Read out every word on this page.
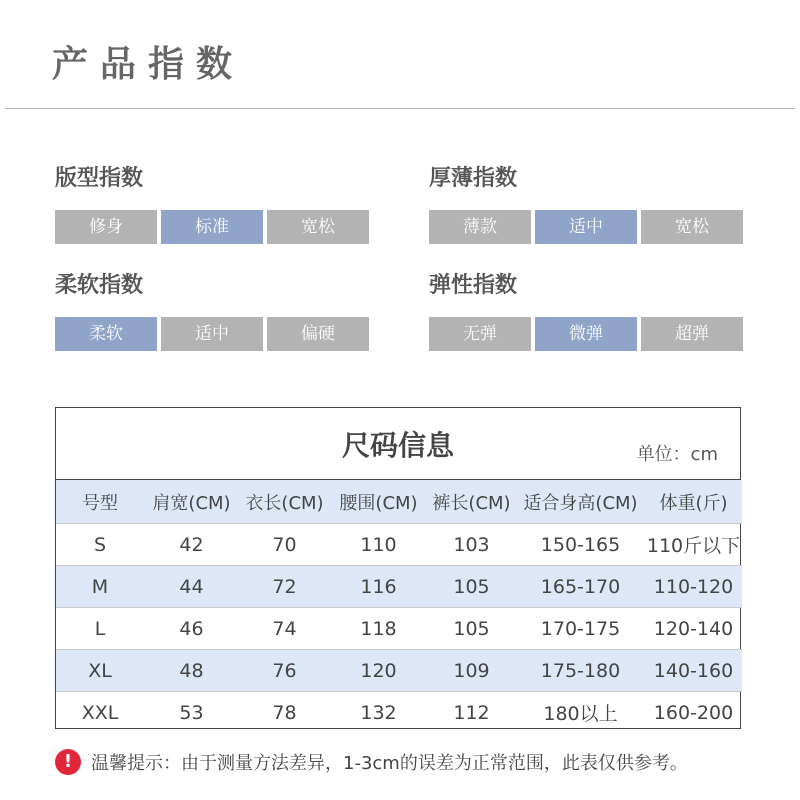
产品指数
版型指数
修身	标准	宽松
厚薄指数
薄款	适中	宽松
柔软指数
柔软	适中	偏硬
弹性指数
无弹	微弹	超弹
尺码信息	单位：cm
号型	肩宽(CM)	衣长(CM)	腰围(CM)	裤长(CM)	适合身高(CM)	体重(斤)
S	42	70	110	103	150-165	110斤以下
M	44	72	116	105	165-170	110-120
L	46	74	118	105	170-175	120-140
XL	48	76	120	109	175-180	140-160
XXL	53	78	132	112	180以上	160-200
!	温馨提示：由于测量方法差异，1-3cm的误差为正常范围，此表仅供参考。
